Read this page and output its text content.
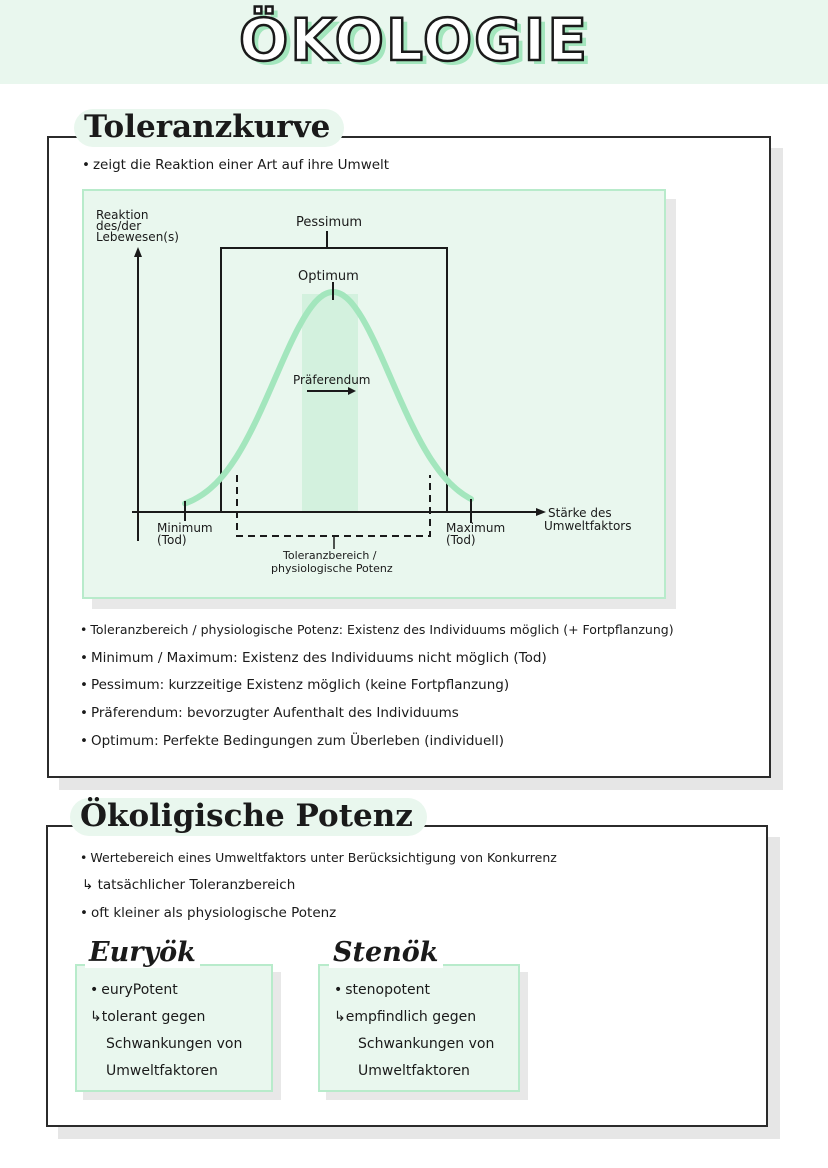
ÖKOLOGIE
Toleranzkurve
• zeigt die Reaktion einer Art auf ihre Umwelt
Reaktion
des/der
Lebewesen(s)
Pessimum
Optimum
Präferendum
Minimum
(Tod)
Maximum
(Tod)
Stärke des
Umweltfaktors
Toleranzbereich /
physiologische Potenz
• Toleranzbereich / physiologische Potenz: Existenz des Individuums möglich (+ Fortpflanzung)
• Minimum / Maximum: Existenz des Individuums nicht möglich (Tod)
• Pessimum: kurzzeitige Existenz möglich (keine Fortpflanzung)
• Präferendum: bevorzugter Aufenthalt des Individuums
• Optimum: Perfekte Bedingungen zum Überleben (individuell)
Ökoligische Potenz
• Wertebereich eines Umweltfaktors unter Berücksichtigung von Konkurrenz
↳ tatsächlicher Toleranzbereich
• oft kleiner als physiologische Potenz
Euryök
• euryPotent
↳tolerant gegen
Schwankungen von
Umweltfaktoren
Stenök
• stenopotent
↳empfindlich gegen
Schwankungen von
Umweltfaktoren
